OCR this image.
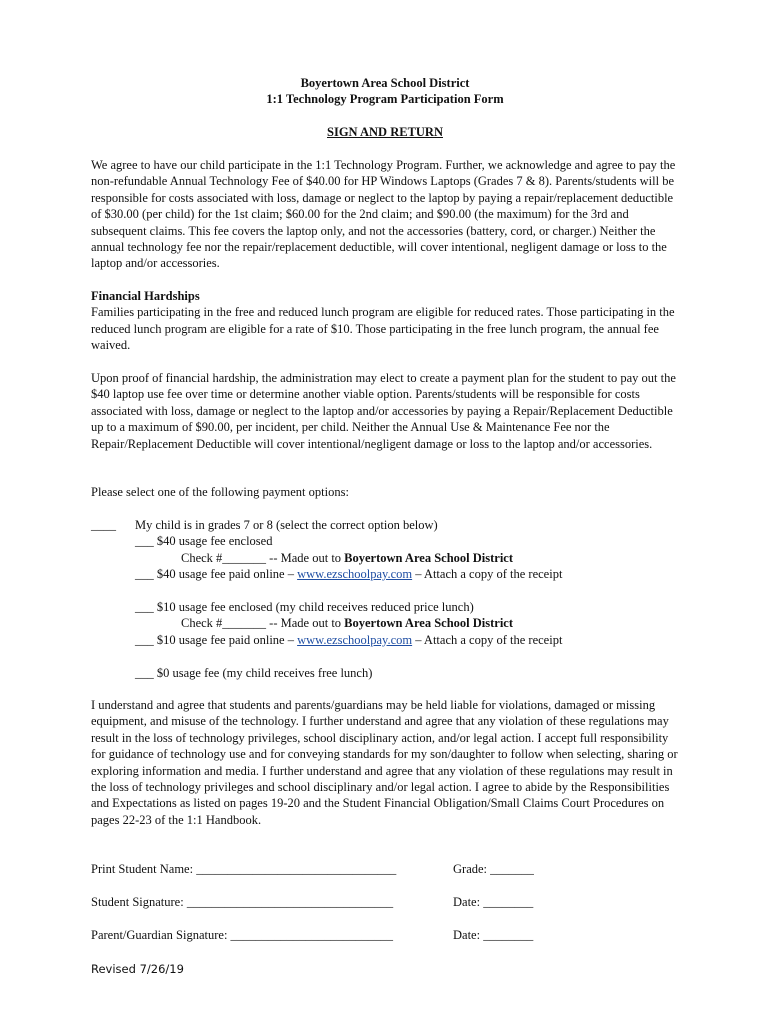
Boyertown Area School District
1:1 Technology Program Participation Form
SIGN AND RETURN

We agree to have our child participate in the 1:1 Technology Program. Further, we acknowledge and agree to pay the non-refundable Annual Technology Fee of $40.00 for HP Windows Laptops (Grades 7 & 8). Parents/students will be responsible for costs associated with loss, damage or neglect to the laptop by paying a repair/replacement deductible of $30.00 (per child) for the 1st claim; $60.00 for the 2nd claim; and $90.00 (the maximum) for the 3rd and subsequent claims. This fee covers the laptop only, and not the accessories (battery, cord, or charger.) Neither the annual technology fee nor the repair/replacement deductible, will cover intentional, negligent damage or loss to the laptop and/or accessories.

Financial Hardships
Families participating in the free and reduced lunch program are eligible for reduced rates. Those participating in the reduced lunch program are eligible for a rate of $10. Those participating in the free lunch program, the annual fee waived.

Upon proof of financial hardship, the administration may elect to create a payment plan for the student to pay out the $40 laptop use fee over time or determine another viable option. Parents/students will be responsible for costs associated with loss, damage or neglect to the laptop and/or accessories by paying a Repair/Replacement Deductible up to a maximum of $90.00, per incident, per child. Neither the Annual Use & Maintenance Fee nor the Repair/Replacement Deductible will cover intentional/negligent damage or loss to the laptop and/or accessories.

Please select one of the following payment options:

____ My child is in grades 7 or 8 (select the correct option below)
___ $40 usage fee enclosed
Check #_______ -- Made out to Boyertown Area School District
___ $40 usage fee paid online – www.ezschoolpay.com – Attach a copy of the receipt
___ $10 usage fee enclosed (my child receives reduced price lunch)
Check #_______ -- Made out to Boyertown Area School District
___ $10 usage fee paid online – www.ezschoolpay.com – Attach a copy of the receipt
___ $0 usage fee (my child receives free lunch)

I understand and agree that students and parents/guardians may be held liable for violations, damaged or missing equipment, and misuse of the technology. I further understand and agree that any violation of these regulations may result in the loss of technology privileges, school disciplinary action, and/or legal action. I accept full responsibility for guidance of technology use and for conveying standards for my son/daughter to follow when selecting, sharing or exploring information and media. I further understand and agree that any violation of these regulations may result in the loss of technology privileges and school disciplinary and/or legal action. I agree to abide by the Responsibilities and Expectations as listed on pages 19-20 and the Student Financial Obligation/Small Claims Court Procedures on pages 22-23 of the 1:1 Handbook.

Print Student Name: ________________________________	Grade: _______
Student Signature: _________________________________	Date: ________
Parent/Guardian Signature: __________________________	Date: ________
Revised 7/26/19
